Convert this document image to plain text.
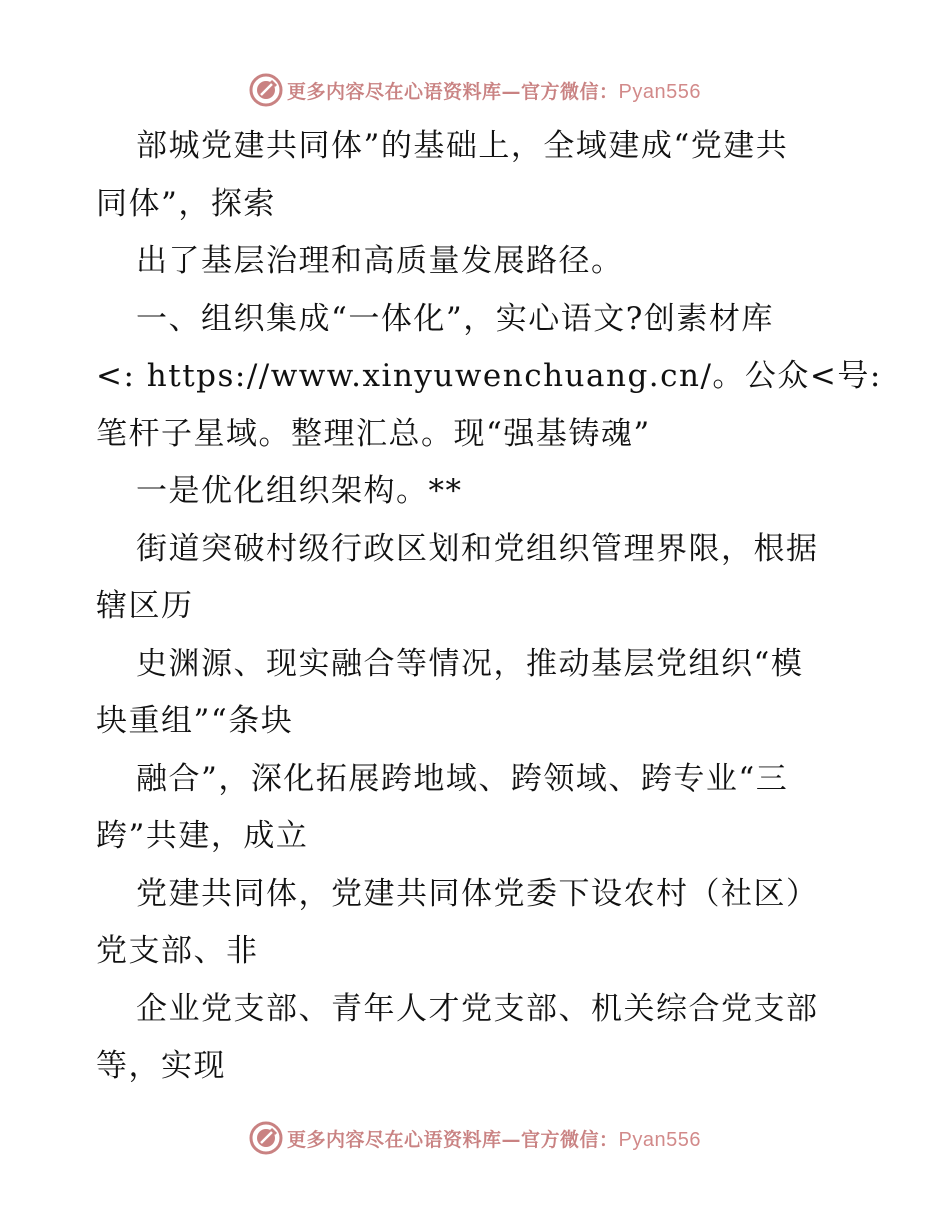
更多内容尽在心语资料库—官方微信：Pyan556
部城党建共同体”的基础上，全域建成“党建共
同体”，探索
出了基层治理和高质量发展路径。
一、组织集成“一体化”，实心语文?创素材库
<: https://www.xinyuwenchuang.cn/。公众<号:
笔杆子星域。整理汇总。现“强基铸魂”
一是优化组织架构。**
街道突破村级行政区划和党组织管理界限，根据
辖区历
史渊源、现实融合等情况，推动基层党组织“模
块重组”“条块
融合”，深化拓展跨地域、跨领域、跨专业“三
跨”共建，成立
党建共同体，党建共同体党委下设农村（社区）
党支部、非
企业党支部、青年人才党支部、机关综合党支部
等，实现
更多内容尽在心语资料库—官方微信：Pyan556
